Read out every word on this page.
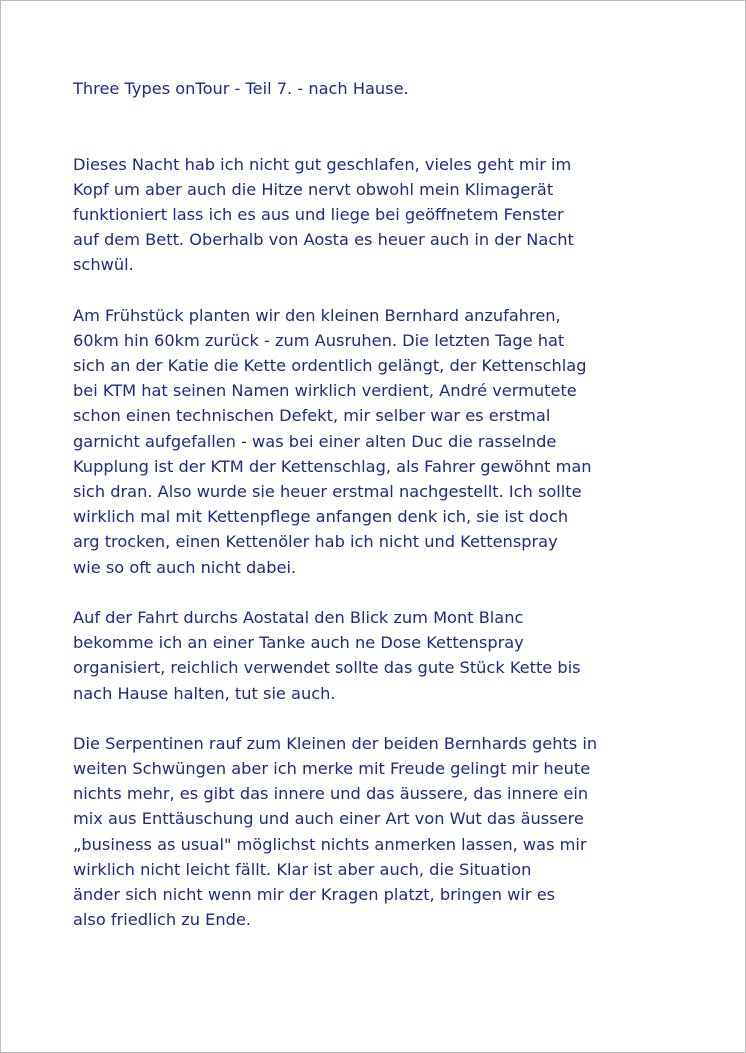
Three Types onTour - Teil 7. - nach Hause.
Dieses Nacht hab ich nicht gut geschlafen, vieles geht mir im
Kopf um aber auch die Hitze nervt obwohl mein Klimagerät
funktioniert lass ich es aus und liege bei geöffnetem Fenster
auf dem Bett. Oberhalb von Aosta es heuer auch in der Nacht
schwül.
Am Frühstück planten wir den kleinen Bernhard anzufahren,
60km hin 60km zurück - zum Ausruhen. Die letzten Tage hat
sich an der Katie die Kette ordentlich gelängt, der Kettenschlag
bei KTM hat seinen Namen wirklich verdient, André vermutete
schon einen technischen Defekt, mir selber war es erstmal
garnicht aufgefallen - was bei einer alten Duc die rasselnde
Kupplung ist der KTM der Kettenschlag, als Fahrer gewöhnt man
sich dran. Also wurde sie heuer erstmal nachgestellt. Ich sollte
wirklich mal mit Kettenpflege anfangen denk ich, sie ist doch
arg trocken, einen Kettenöler hab ich nicht und Kettenspray
wie so oft auch nicht dabei.
Auf der Fahrt durchs Aostatal den Blick zum Mont Blanc
bekomme ich an einer Tanke auch ne Dose Kettenspray
organisiert, reichlich verwendet sollte das gute Stück Kette bis
nach Hause halten, tut sie auch.
Die Serpentinen rauf zum Kleinen der beiden Bernhards gehts in
weiten Schwüngen aber ich merke mit Freude gelingt mir heute
nichts mehr, es gibt das innere und das äussere, das innere ein
mix aus Enttäuschung und auch einer Art von Wut das äussere
„business as usual" möglichst nichts anmerken lassen, was mir
wirklich nicht leicht fällt. Klar ist aber auch, die Situation
änder sich nicht wenn mir der Kragen platzt, bringen wir es
also friedlich zu Ende.
